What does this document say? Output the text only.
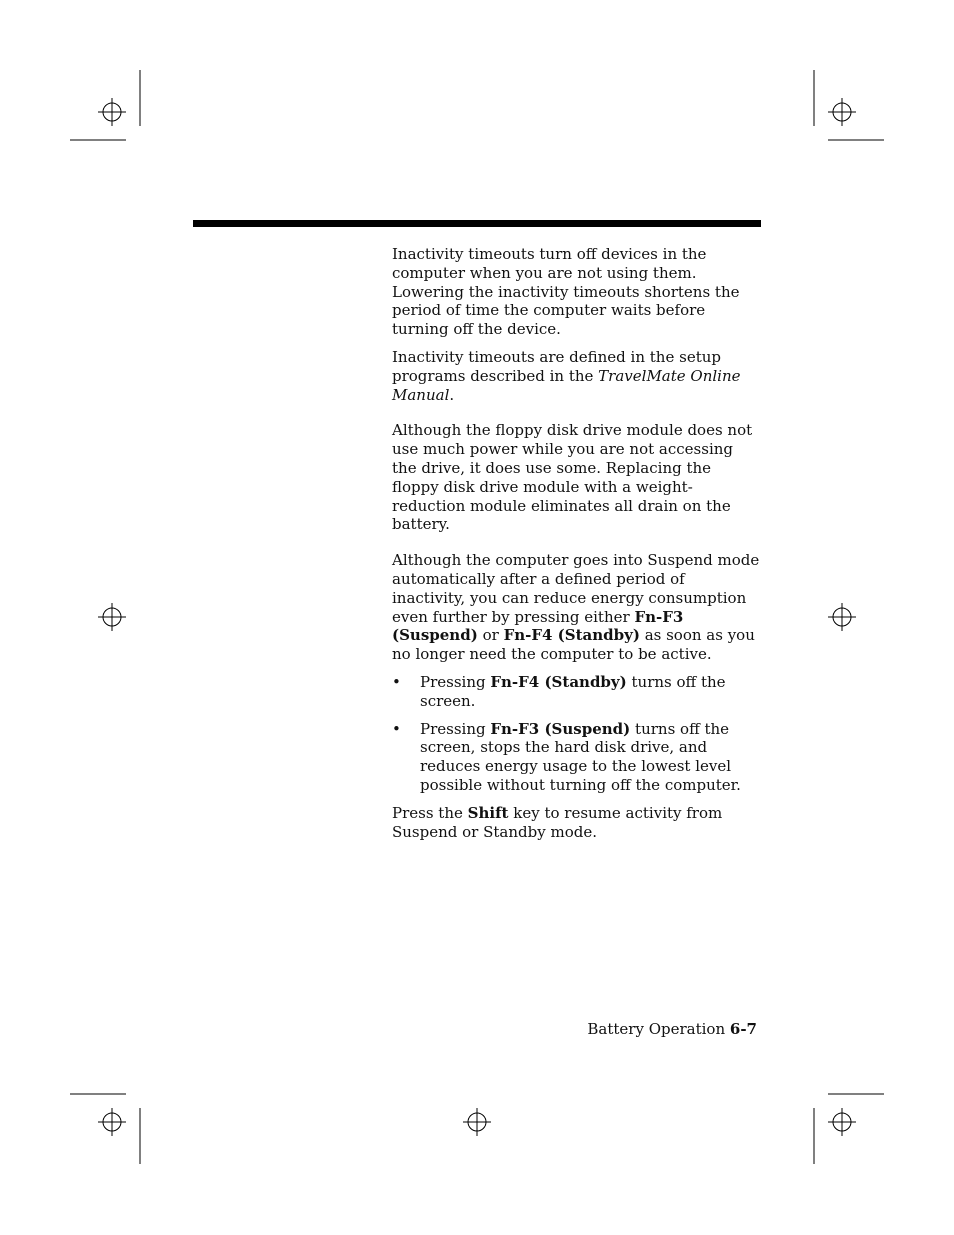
Inactivity timeouts turn off devices in the computer when you are not using them. Lowering the inactivity timeouts shortens the period of time the computer waits before turning off the device.

Inactivity timeouts are defined in the setup programs described in the TravelMate Online Manual.

Although the floppy disk drive module does not use much power while you are not accessing the drive, it does use some. Replacing the floppy disk drive module with a weight-reduction module eliminates all drain on the battery.

Although the computer goes into Suspend mode automatically after a defined period of inactivity, you can reduce energy consumption even further by pressing either Fn-F3 (Suspend) or Fn-F4 (Standby) as soon as you no longer need the computer to be active.

• Pressing Fn-F4 (Standby) turns off the screen.
• Pressing Fn-F3 (Suspend) turns off the screen, stops the hard disk drive, and reduces energy usage to the lowest level possible without turning off the computer.

Press the Shift key to resume activity from Suspend or Standby mode.

Battery Operation 6-7
